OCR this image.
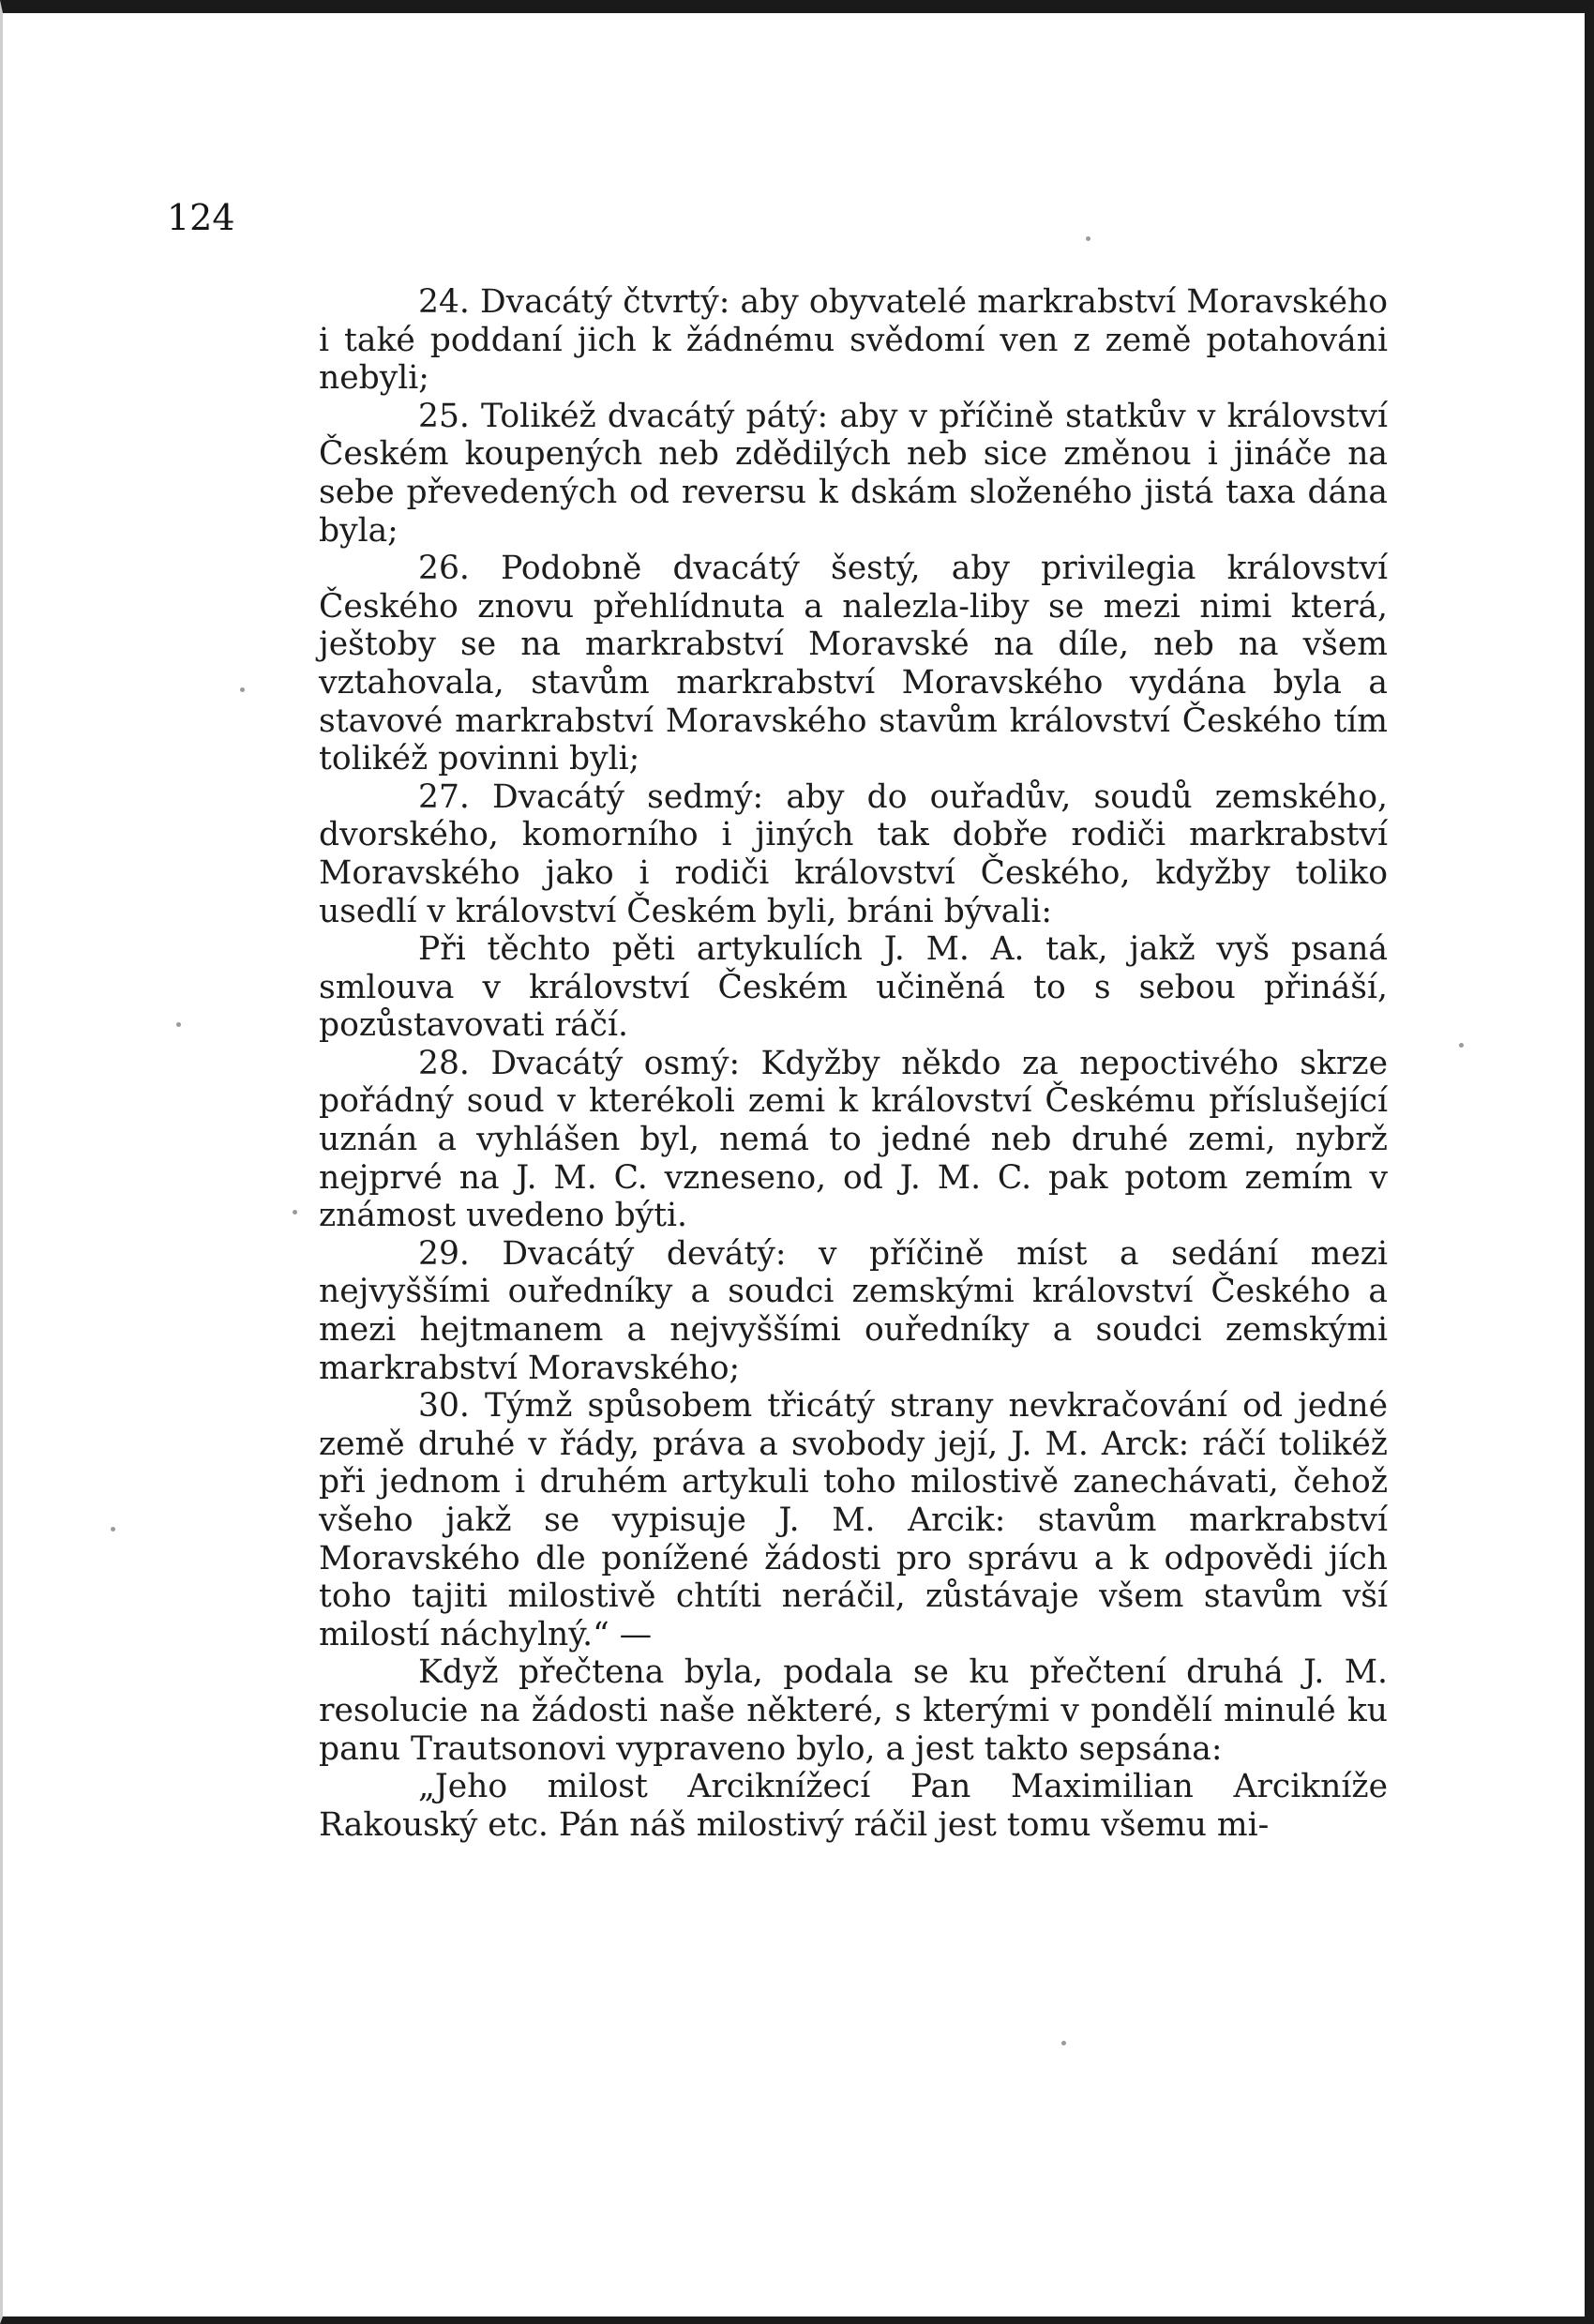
124

24. Dvacátý čtvrtý: aby obyvatelé markrabství Moravského i také poddaní jich k žádnému svědomí ven z země potahováni nebyli;

25. Tolikéž dvacátý pátý: aby v příčině statkův v království Českém koupených neb zdědilých neb sice změnou i jináče na sebe převedených od reversu k dskám složeného jistá taxa dána byla;

26. Podobně dvacátý šestý, aby privilegia království Českého znovu přehlídnuta a nalezla-liby se mezi nimi která, ještoby se na markrabství Moravské na díle, neb na všem vztahovala, stavům markrabství Moravského vydána byla a stavové markrabství Moravského stavům království Českého tím tolikéž povinni byli;

27. Dvacátý sedmý: aby do ouřadův, soudů zemského, dvorského, komorního i jiných tak dobře rodiči markrabství Moravského jako i rodiči království Českého, kdyžby toliko usedlí v království Českém byli, bráni bývali:

Při těchto pěti artykulích J. M. A. tak, jakž vyš psaná smlouva v království Českém učiněná to s sebou přináší, pozůstavovati ráčí.

28. Dvacátý osmý: Kdyžby někdo za nepoctivého skrze pořádný soud v kterékoli zemi k království Českému příslušející uznán a vyhlášen byl, nemá to jedné neb druhé zemi, nybrž nejprvé na J. M. C. vzneseno, od J. M. C. pak potom zemím v známost uvedeno býti.

29. Dvacátý devátý: v příčině míst a sedání mezi nejvyššími ouředníky a soudci zemskými království Českého a mezi hejtmanem a nejvyššími ouředníky a soudci zemskými markrabství Moravského;

30. Týmž spůsobem třicátý strany nevkračování od jedné země druhé v řády, práva a svobody její, J. M. Arck: ráčí tolikéž při jednom i druhém artykuli toho milostivě zanechávati, čehož všeho jakž se vypisuje J. M. Arcik: stavům markrabství Moravského dle ponížené žádosti pro správu a k odpovědi jích toho tajiti milostivě chtíti neráčil, zůstávaje všem stavům vší milostí náchylný.“ —

Když přečtena byla, podala se ku přečtení druhá J. M. resolucie na žádosti naše některé, s kterými v pondělí minulé ku panu Trautsonovi vypraveno bylo, a jest takto sepsána:

„Jeho milost Arciknížecí Pan Maximilian Arcikníže Rakouský etc. Pán náš milostivý ráčil jest tomu všemu mi-
